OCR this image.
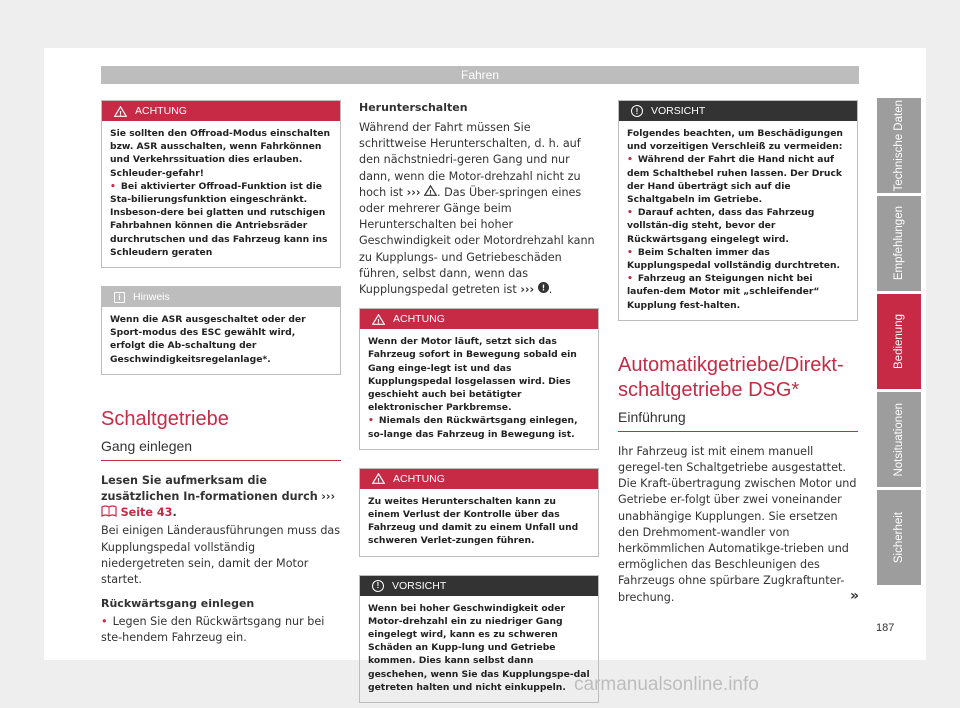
Fahren
! ACHTUNG

Sie sollten den Offroad-Modus einschalten bzw. ASR ausschalten, wenn Fahrkönnen und Verkehrssituation dies erlauben. Schleuder-gefahr!

• Bei aktivierter Offroad-Funktion ist die Sta-bilierungsfunktion eingeschränkt. Insbeson-dere bei glatten und rutschigen Fahrbahnen können die Antriebsräder durchrutschen und das Fahrzeug kann ins Schleudern geraten

i	Hinweis

Wenn die ASR ausgeschaltet oder der Sport-modus des ESC gewählt wird, erfolgt die Ab-schaltung der Geschwindigkeitsregelanlage*.

Schaltgetriebe
Gang einlegen
Lesen Sie aufmerksam die zusätzlichen In-formationen durch ›››  Seite 43.
Bei einigen Länderausführungen muss das Kupplungspedal vollständig niedergetreten sein, damit der Motor startet.
Rückwärtsgang einlegen
• Legen Sie den Rückwärtsgang nur bei ste-hendem Fahrzeug ein.
Herunterschalten
Während der Fahrt müssen Sie schrittweise Herunterschalten, d. h. auf den nächstniedri-geren Gang und nur dann, wenn die Motor-drehzahl nicht zu hoch ist ››› ! . Das Über-springen eines oder mehrerer Gänge beim Herunterschalten bei hoher Geschwindigkeit oder Motordrehzahl kann zu Kupplungs- und Getriebeschäden führen, selbst dann, wenn das Kupplungspedal getreten ist ››› ! .
! ACHTUNG

Wenn der Motor läuft, setzt sich das Fahrzeug sofort in Bewegung sobald ein Gang einge-legt ist und das Kupplungspedal losgelassen wird. Dies geschieht auch bei betätigter elektronischer Parkbremse.

• Niemals den Rückwärtsgang einlegen, so-lange das Fahrzeug in Bewegung ist.

! ACHTUNG

Zu weites Herunterschalten kann zu einem Verlust der Kontrolle über das Fahrzeug und damit zu einem Unfall und schweren Verlet-zungen führen.

!	VORSICHT

Wenn bei hoher Geschwindigkeit oder Motor-drehzahl ein zu niedriger Gang eingelegt wird, kann es zu schweren Schäden an Kupp-lung und Getriebe kommen. Dies kann selbst dann geschehen, wenn Sie das Kupplungspe-dal getreten halten und nicht einkuppeln.

!	VORSICHT

Folgendes beachten, um Beschädigungen und vorzeitigen Verschleiß zu vermeiden:

• Während der Fahrt die Hand nicht auf dem Schalthebel ruhen lassen. Der Druck der Hand überträgt sich auf die Schaltgabeln im Getriebe.

• Darauf achten, dass das Fahrzeug vollstän-dig steht, bevor der Rückwärtsgang eingelegt wird.

• Beim Schalten immer das Kupplungspedal vollständig durchtreten.

• Fahrzeug an Steigungen nicht bei laufen-dem Motor mit „schleifender“ Kupplung fest-halten.

Automatikgetriebe/Direkt-schaltgetriebe DSG*
Einführung
Ihr Fahrzeug ist mit einem manuell geregel-ten Schaltgetriebe ausgestattet. Die Kraft-übertragung zwischen Motor und Getriebe er-folgt über zwei voneinander unabhängige Kupplungen. Sie ersetzen den Drehmoment-wandler von herkömmlichen Automatikge-trieben und ermöglichen das Beschleunigen des Fahrzeugs ohne spürbare Zugkraftunter-brechung.	»
Technische Daten
Empfehlungen
Bedienung
Notsituationen
Sicherheit
187
carmanualsonline.info
